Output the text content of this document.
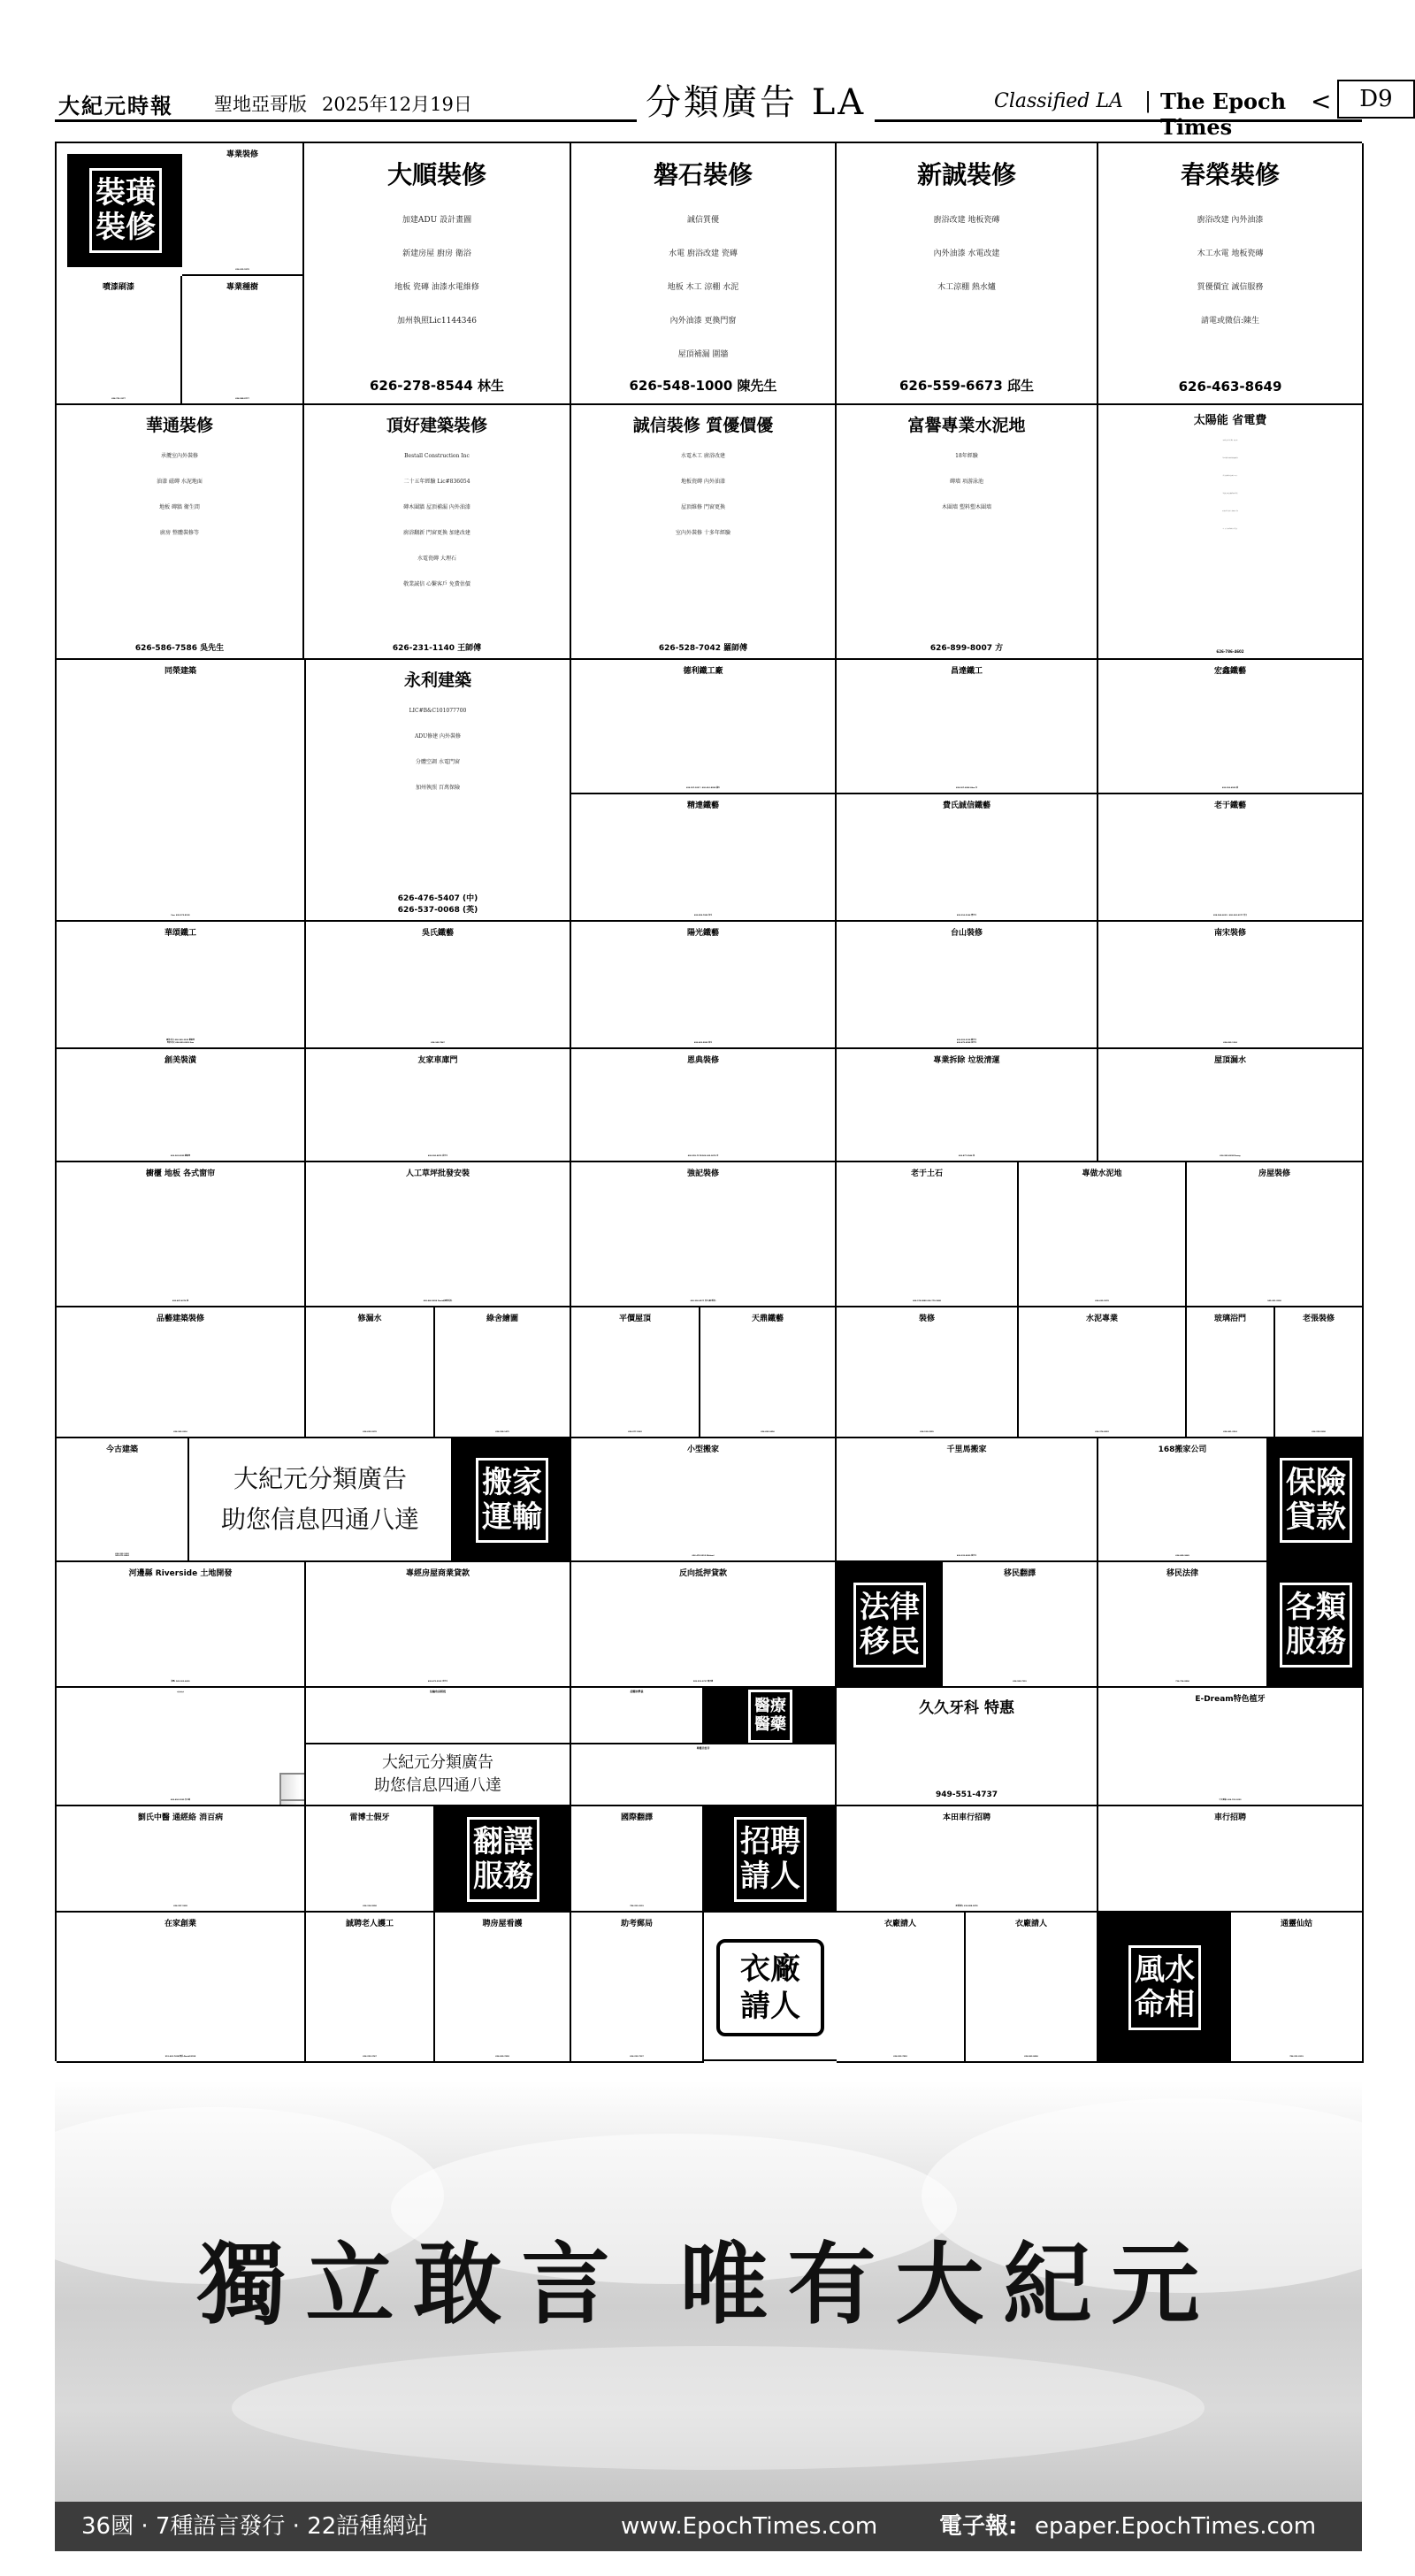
大紀元時報 聖地亞哥版 2025年12月19日	分類廣告 LA	Classified LA | The Epoch Times
<	D9
裝璜
裝修
專業裝修
626-635-5578
噴漆刷漆
626-731-3177
專業種樹
626-988-8777
大順裝修
加建ADU 設計畫圖
新建房屋 廚房 衛浴
地板 瓷磚 油漆水電維修
加州執照Lic1144346
626-278-8544 林生
磐石裝修
誠信質優
水電 廚浴改建 瓷磚
地板 木工 涼棚 水泥
內外油漆 更換門窗
屋頂補漏 圍牆
626-548-1000 陳先生
新誠裝修
廚浴改建 地板瓷磚
內外油漆 水電改建
木工涼棚 熱水爐
626-559-6673 邱生
春榮裝修
廚浴改建 內外油漆
木工水電 地板瓷磚
質優價宜 誠信服務
請電或微信:陳生
626-463-8649
華通裝修
承攬室內外裝修
油漆 磁磚 水泥地面
地板 磚牆 衛生間
廚房 整體裝修等
626-586-7586 吳先生
頂好建築裝修
Bestall Construction Inc
二十五年經驗 Lic#836054
磚木圍牆 屋頂補漏 內外油漆
廚浴翻新 門窗更換 加建改建
水電瓷磚 大理石
敬業誠信 心繫客戶 免費估價
626-231-1140 王師傅
誠信裝修 質優價優
水電木工 廚浴改建
地板瓷磚 內外油漆
屋頂維修 門窗更換
室內外裝修 十多年經驗
626-528-7042 羅師傅
富譽專業水泥地
18年經驗
磚墻 項游泳池
木圍墻 塑料塑木圍墻
626-899-8007 方
太陽能 省電費
加州電費大幅上漲,美國第一品牌,百萬
戶的家庭選擇,利用政府的稅收優惠計劃,
屋主安裝無需任何費用,享受30%以上
電費節省,同時安裝儲能電池,無停電煩
惱.如您是屋主,您的房子有游泳池、電動
車、大房子,請來電諮詢是否符合安裝.
626-786-4602
同榮建築
Fax: 626-573-8518
永利建築
LIC#B&C101077700
ADU修建 內外裝修
分體空調 水電門窗
加州執照 百萬保險
626-476-5407 (中)
626-537-0068 (英)
德利鐵工廠
626-297-9237 / 626-410-8058 謝生
昌達鐵工
626-267-4046 Alan 任
宏鑫鐵藝
626-236-6959 薛
精達鐵藝
626-838-7080 伍生
費氏誠信鐵藝
626-216-3146 費先生
老于鐵藝
626-566-4015 / 626-342-9377 英文
華頌鐵工
國語/英文 626-365-2325 劉師傅
粵語/英文 626-803-8181 Guo
吳氏鐵藝
626-342-7867
陽光鐵藝
626-603-9995 林生
台山裝修
626-503-3218 陳先生
626-679-6598 馬先生
南宋裝修
626-693-1134
創美裝潢
626-262-8325 鮑師傅
友家車庫門
626-200-8873 房先生
恩典裝修
626-559-7179/909-343-2678 李
專業拆除 垃圾清運
626-877-3964 林
屋頂漏水
626-382-6938 Danny
櫥櫃 地板 各式窗帘
626-487-6276 張
人工草坪批發安裝
626-466-8694 David(國粵英語)
強記裝修
626-226-8977 吳生(國/粵語)
老于土石
406-578-8888 626-779-5988
專做水泥地
626-635-5578
房屋裝修
949-491-0500
品藝建築裝修
626-362-0316
修漏水
626-635-5578
綠舍繪圖
626-298-1475
平價屋頂
626-877-5562
天鼎鐵藝
626-693-0456
裝修
626-510-3255
水泥專業
626-376-6932
玻璃浴門
626-461-2214
老張裝修
626-239-5908
今古建築
626-333-1302
909-871-8664
大紀元分類廣告
助您信息四通八達
搬家
運輸
小型搬家
626-478-5355 Michael
千里馬搬家
626-233-8200 張先生
168搬家公司
626-689-3669
保險
貸款
河邊縣 Riverside 土地開發
請電: 562-261-4620
專經房屋商業貸款
626-672-5912 李先生
反向抵押貸款
909-919-0737 陳安娜
法律
移民
移民翻譯
626-999-7215
各類
服務
移民法律
714-726-0806
免費更換節能設施
626-450-5335 吳玉敏
法輪功真相班
大紀元分類廣告
助您信息四通八達
招精油學員
醫療
醫藥
專精美容牙
久久牙科 特惠
949-551-4737
E-Dream特色植牙
中文專線: 626-701-0223
劉氏中醫 通經絡 消百病
626-297-1928
雷博士假牙
626-316-9598
翻譯
服務
國際翻譯
786-251-8119
招聘
請人
本田車行招聘
意者請洽: 619-888-2878
車行招聘
在家創業
951-443-7428/微信:David13558
誠聘老人護工
626-225-0767
聘房屋看護
626-699-7658
助考郵局
626-233-7227
衣廠
請人
衣廠請人
626-823-7892
衣廠請人
626-863-8696
風水
命相
通靈仙姑
786-251-8119
獨立敢言 唯有大紀元
36國 · 7種語言發行 · 22語種網站	www.EpochTimes.com	電子報: epaper.EpochTimes.com
